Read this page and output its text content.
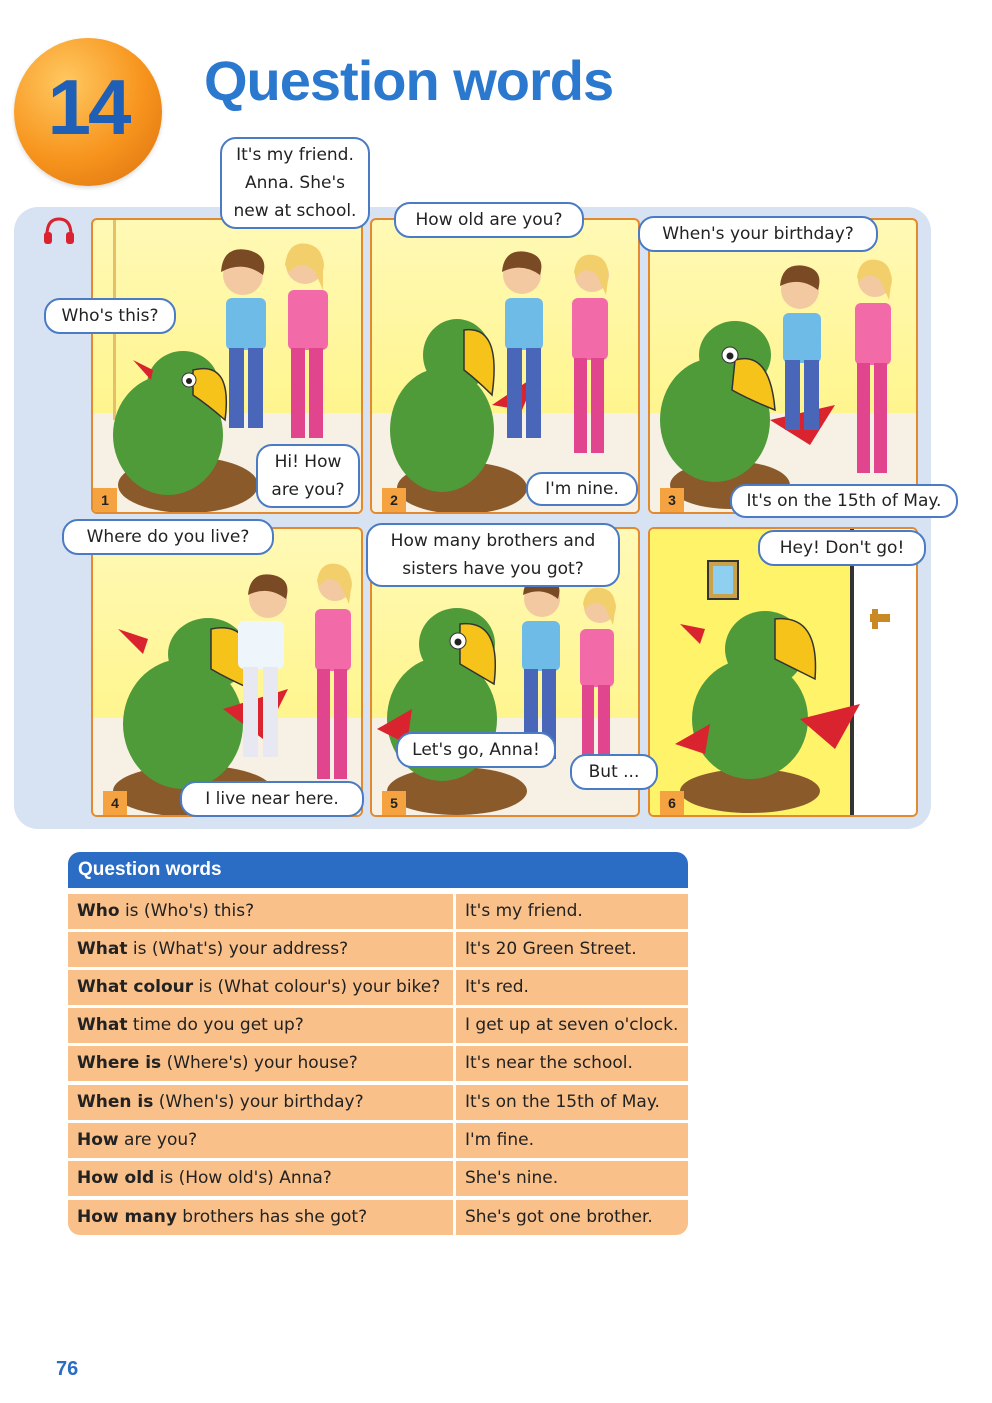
14	Question words
1	2	3
4	5	6
Who's this?
It's my friend.
Anna. She's
new at school.
Hi! How
are you?
How old are you?
I'm nine.
When's your birthday?
It's on the 15th of May.
Where do you live?
I live near here.
How many brothers and
sisters have you got?
Let's go, Anna!
But ...
Hey! Don't go!
Question words
Who is (Who's) this?	It's my friend.
What is (What's) your address?	It's 20 Green Street.
What colour is (What colour's) your bike?	It's red.
What time do you get up?	I get up at seven o'clock.
Where is (Where's) your house?	It's near the school.
When is (When's) your birthday?	It's on the 15th of May.
How are you?	I'm fine.
How old is (How old's) Anna?	She's nine.
How many brothers has she got?	She's got one brother.
76
